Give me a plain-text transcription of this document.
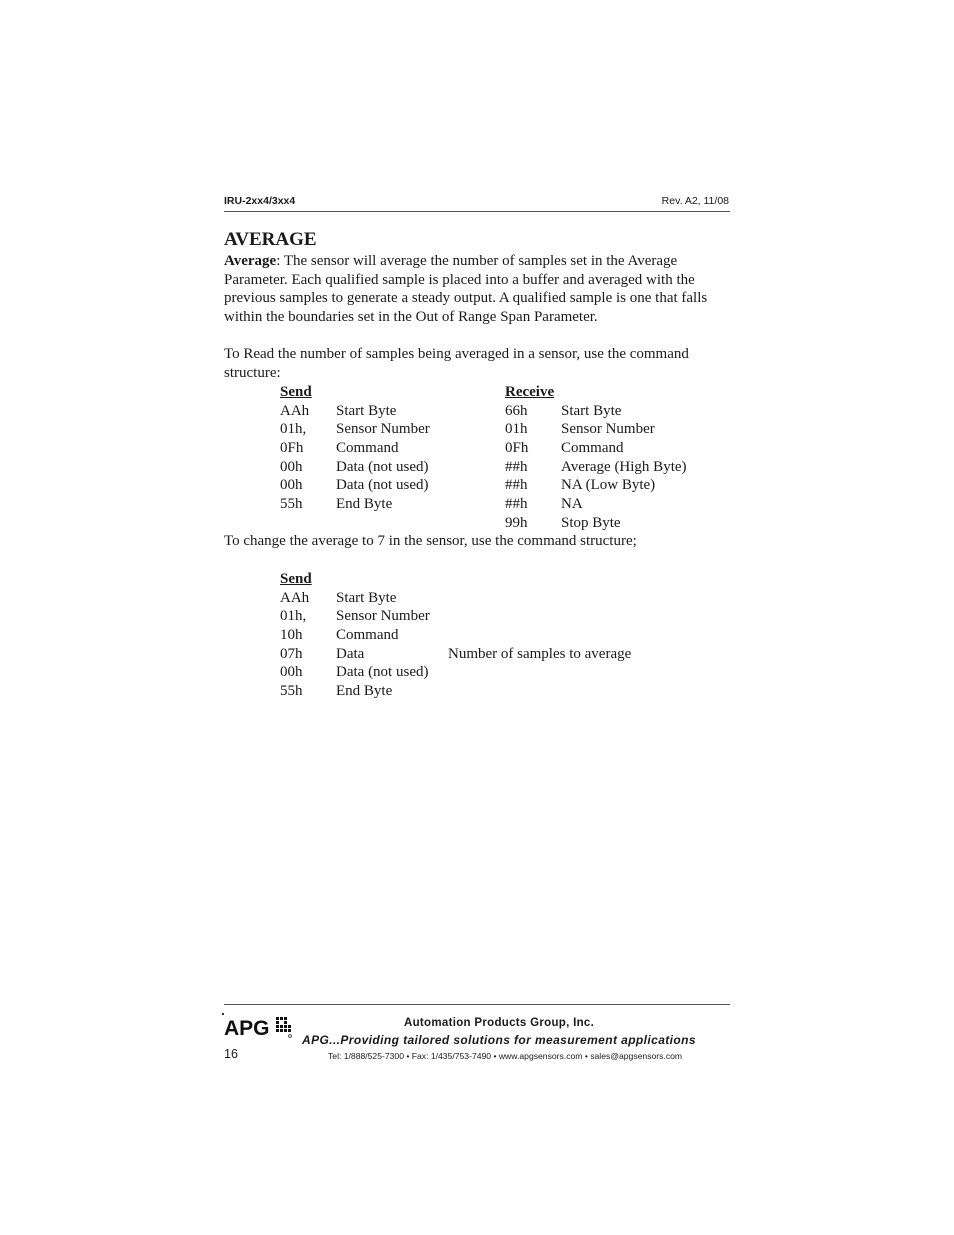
IRU-2xx4/3xx4	Rev. A2, 11/08
AVERAGE
Average: The sensor will average the number of samples set in the Average Parameter. Each qualified sample is placed into a buffer and averaged with the previous samples to generate a steady output. A qualified sample is one that falls within the boundaries set in the Out of Range Span Parameter.
To Read the number of samples being averaged in a sensor, use the command structure:
Send
AAh Start Byte
01h, Sensor Number
0Fh Command
00h Data (not used)
00h Data (not used)
55h End Byte
Receive
66h Start Byte
01h Sensor Number
0Fh Command
##h Average (High Byte)
##h NA (Low Byte)
##h NA
99h Stop Byte
To change the average to 7 in the sensor, use the command structure;
Send
AAh Start Byte
01h, Sensor Number
10h Command
07h Data	Number of samples to average
00h Data (not used)
55h End Byte
APG
16
Automation Products Group, Inc.
APG...Providing tailored solutions for measurement applications
Tel: 1/888/525-7300 • Fax: 1/435/753-7490 • www.apgsensors.com • sales@apgsensors.com
